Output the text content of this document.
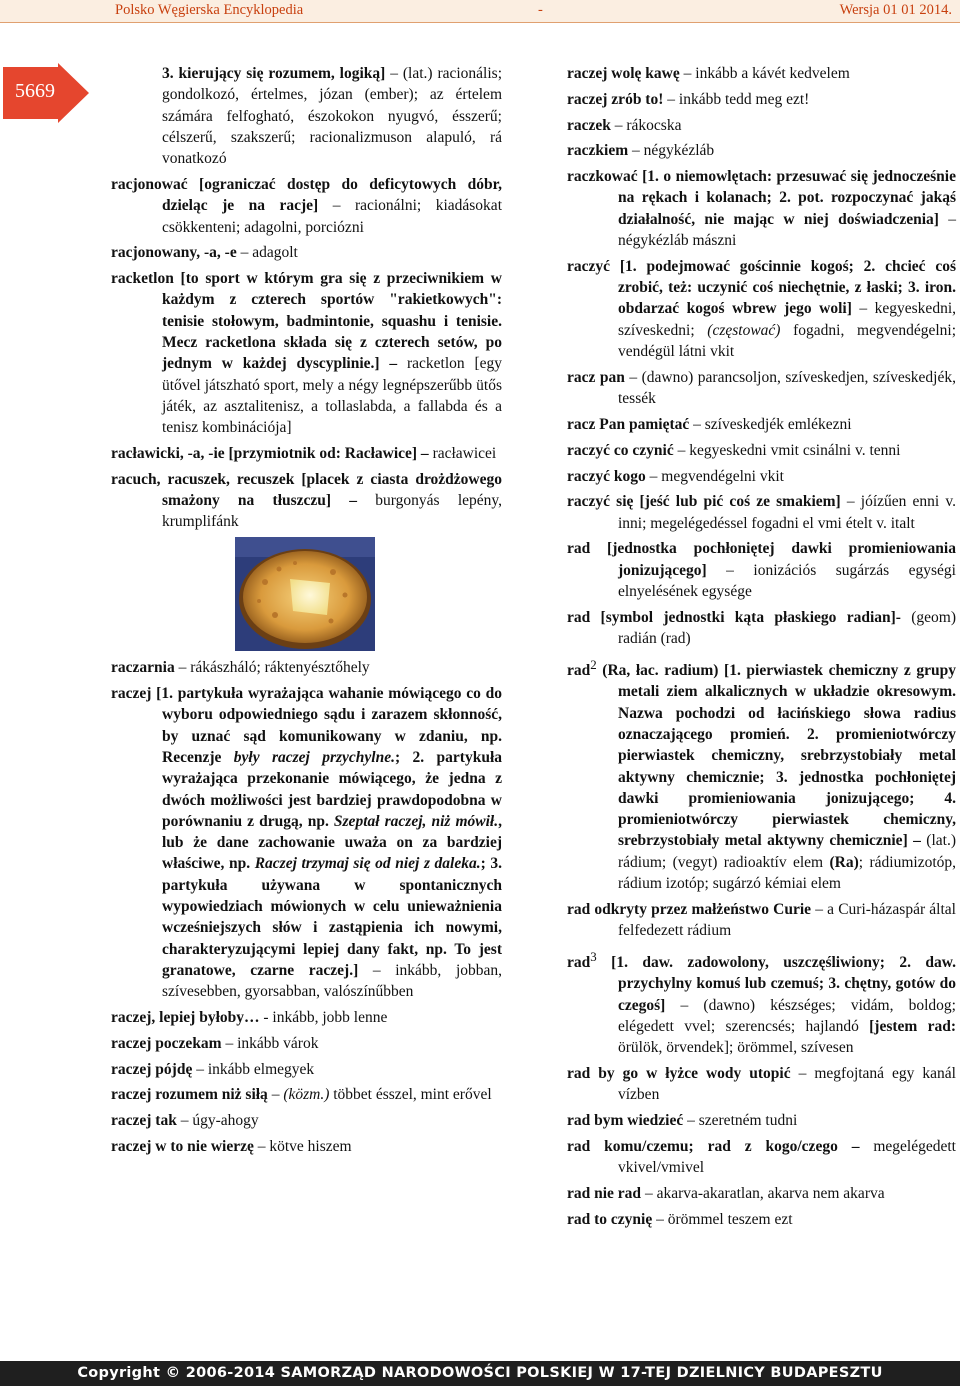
Polsko Węgierska Encyklopedia	-	Wersja 01 01 2014.
5669
3. kierujący się rozumem, logiką] – (lat.) racionális; gondolkozó, értelmes, józan (ember); az értelem számára felfogható, észokokon nyugvó, ésszerű; célszerű, szakszerű; racionalizmuson alapuló, rá vonatkozó
racjonować [ograniczać dostęp do deficytowych dóbr, dzieląc je na racje] – racionálni; kiadásokat csökkenteni; adagolni, porciózni
racjonowany, -a, -e – adagolt
racketlon [to sport w którym gra się z przeciwnikiem w każdym z czterech sportów "rakietkowych": tenisie stołowym, badmintonie, squashu i tenisie. Mecz racketlona składa się z czterech setów, po jednym w każdej dyscyplinie.] – racketlon [egy ütővel játszható sport, mely a négy legnépszerűbb ütős játék, az asztalitenisz, a tollaslabda, a fallabda és a tenisz kombinációja]
racławicki, -a, -ie [przymiotnik od: Racławice] – racławicei
racuch, racuszek, recuszek [placek z ciasta drożdżowego smażony na tłuszczu] – burgonyás lepény, krumplifánk
raczarnia – rákászháló; ráktenyésztőhely
raczej [1. partykuła wyrażająca wahanie mówiącego co do wyboru odpowiedniego sądu i zarazem skłonność, by uznać sąd komunikowany w zdaniu, np. Recenzje były raczej przychylne.; 2. partykuła wyrażająca przekonanie mówiącego, że jedna z dwóch możliwości jest bardziej prawdopodobna w porównaniu z drugą, np. Szeptał raczej, niż mówił., lub że dane zachowanie uważa on za bardziej właściwe, np. Raczej trzymaj się od niej z daleka.; 3. partykuła używana w spontanicznych wypowiedziach mówionych w celu unieważnienia wcześniejszych słów i zastąpienia ich nowymi, charakteryzującymi lepiej dany fakt, np. To jest granatowe, czarne raczej.] – inkább, jobban, szívesebben, gyorsabban, valószínűbben
raczej, lepiej byłoby… - inkább, jobb lenne
raczej poczekam – inkább várok
raczej pójdę – inkább elmegyek
raczej rozumem niż siłą – (közm.) többet ésszel, mint erővel
raczej tak – úgy-ahogy
raczej w to nie wierzę – kötve hiszem
raczej wolę kawę – inkább a kávét kedvelem
raczej zrób to! – inkább tedd meg ezt!
raczek – rákocska
raczkiem – négykézláb
raczkować [1. o niemowlętach: przesuwać się jednocześnie na rękach i kolanach; 2. pot. rozpoczynać jakąś działalność, nie mając w niej doświadczenia] – négykézláb mászni
raczyć [1. podejmować gościnnie kogoś; 2. chcieć coś zrobić, też: uczynić coś niechętnie, z łaski; 3. iron. obdarzać kogoś wbrew jego woli] – kegyeskedni, szíveskedni; (częstować) fogadni, megvendégelni; vendégül látni vkit
racz pan – (dawno) parancsoljon, szíveskedjen, szíveskedjék, tessék
racz Pan pamiętać – szíveskedjék emlékezni
raczyć co czynić – kegyeskedni vmit csinálni v. tenni
raczyć kogo – megvendégelni vkit
raczyć się [jeść lub pić coś ze smakiem] – jóízűen enni v. inni; megelégedéssel fogadni el vmi ételt v. italt
rad [jednostka pochłoniętej dawki promieniowania jonizującego] – ionizációs sugárzás egységi elnyelésének egysége
rad [symbol jednostki kąta płaskiego radian]- (geom) radián (rad)
rad$^2$ (Ra, łac. radium) [1. pierwiastek chemiczny z grupy metali ziem alkalicznych w układzie okresowym. Nazwa pochodzi od łacińskiego słowa radius oznaczającego promień. 2. promieniotwórczy pierwiastek chemiczny, srebrzystobiały metal aktywny chemicznie; 3. jednostka pochłoniętej dawki promieniowania jonizującego; 4. promieniotwórczy pierwiastek chemiczny, srebrzystobiały metal aktywny chemicznie] – (lat.) rádium; (vegyt) radioaktív elem (Ra); rádiumizotóp, rádium izotóp; sugárzó kémiai elem
rad odkryty przez małżeństwo Curie – a Curi-házaspár által felfedezett rádium
rad$^3$ [1. daw. zadowolony, uszczęśliwiony; 2. daw. przychylny komuś lub czemuś; 3. chętny, gotów do czegoś] – (dawno) készséges; vidám, boldog; elégedett vvel; szerencsés; hajlandó [jestem rad: örülök, örvendek]; örömmel, szívesen
rad by go w łyżce wody utopić – megfojtaná egy kanál vízben
rad bym wiedzieć – szeretném tudni
rad komu/czemu; rad z kogo/czego – megelégedett vkivel/vmivel
rad nie rad – akarva-akaratlan, akarva nem akarva
rad to czynię – örömmel teszem ezt
Copyright © 2006-2014 SAMORZĄD NARODOWOŚCI POLSKIEJ W 17-TEJ DZIELNICY BUDAPESZTU
